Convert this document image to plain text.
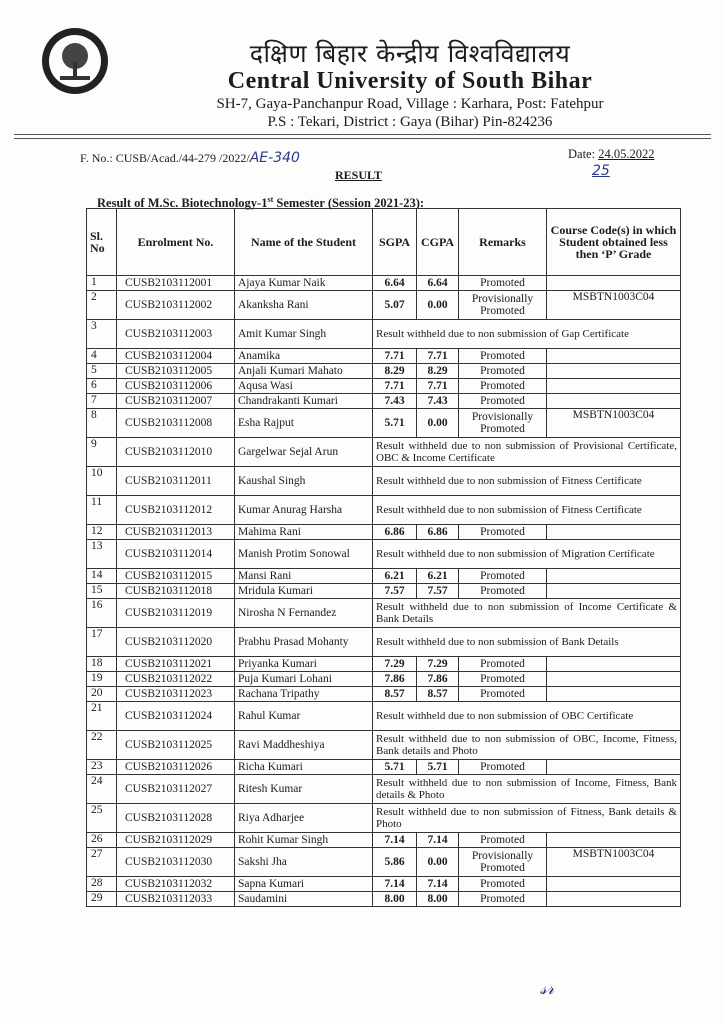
दक्षिण बिहार केन्द्रीय विश्वविद्यालय
Central University of South Bihar
SH-7, Gaya-Panchanpur Road, Village : Karhara, Post: Fatehpur
P.S : Tekari, District : Gaya (Bihar) Pin-824236
F. No.: CUSB/Acad./44-279 /2022/AE-340	Date: 24.05.2022
25
RESULT
Result of M.Sc. Biotechnology-1st Semester (Session 2021-23):
Sl. No	Enrolment No.	Name of the Student	SGPA	CGPA	Remarks	Course Code(s) in which Student obtained less then ‘P’ Grade
1	CUSB2103112001	Ajaya Kumar Naik	6.64	6.64	Promoted	
2	CUSB2103112002	Akanksha Rani	5.07	0.00	Provisionally Promoted	MSBTN1003C04
3	CUSB2103112003	Amit Kumar Singh	Result withheld due to non submission of Gap Certificate			
4	CUSB2103112004	Anamika	7.71	7.71	Promoted	
5	CUSB2103112005	Anjali Kumari Mahato	8.29	8.29	Promoted	
6	CUSB2103112006	Aqusa Wasi	7.71	7.71	Promoted	
7	CUSB2103112007	Chandrakanti Kumari	7.43	7.43	Promoted	
8	CUSB2103112008	Esha Rajput	5.71	0.00	Provisionally Promoted	MSBTN1003C04
9	CUSB2103112010	Gargelwar Sejal Arun	Result withheld due to non submission of Provisional Certificate, OBC & Income Certificate			
10	CUSB2103112011	Kaushal Singh	Result withheld due to non submission of Fitness Certificate			
11	CUSB2103112012	Kumar Anurag Harsha	Result withheld due to non submission of Fitness Certificate			
12	CUSB2103112013	Mahima Rani	6.86	6.86	Promoted	
13	CUSB2103112014	Manish Protim Sonowal	Result withheld due to non submission of Migration Certificate			
14	CUSB2103112015	Mansi Rani	6.21	6.21	Promoted	
15	CUSB2103112018	Mridula Kumari	7.57	7.57	Promoted	
16	CUSB2103112019	Nirosha N Fernandez	Result withheld due to non submission of Income Certificate & Bank Details			
17	CUSB2103112020	Prabhu Prasad Mohanty	Result withheld due to non submission of Bank Details			
18	CUSB2103112021	Priyanka Kumari	7.29	7.29	Promoted	
19	CUSB2103112022	Puja Kumari Lohani	7.86	7.86	Promoted	
20	CUSB2103112023	Rachana Tripathy	8.57	8.57	Promoted	
21	CUSB2103112024	Rahul Kumar	Result withheld due to non submission of OBC Certificate			
22	CUSB2103112025	Ravi Maddheshiya	Result withheld due to non submission of OBC, Income, Fitness, Bank details and Photo			
23	CUSB2103112026	Richa Kumari	5.71	5.71	Promoted	
24	CUSB2103112027	Ritesh Kumar	Result withheld due to non submission of Income, Fitness, Bank details & Photo			
25	CUSB2103112028	Riya Adharjee	Result withheld due to non submission of Fitness, Bank details & Photo			
26	CUSB2103112029	Rohit Kumar Singh	7.14	7.14	Promoted	
27	CUSB2103112030	Sakshi Jha	5.86	0.00	Provisionally Promoted	MSBTN1003C04
28	CUSB2103112032	Sapna Kumari	7.14	7.14	Promoted	
29	CUSB2103112033	Saudamini	8.00	8.00	Promoted	
𝓈𝓇
